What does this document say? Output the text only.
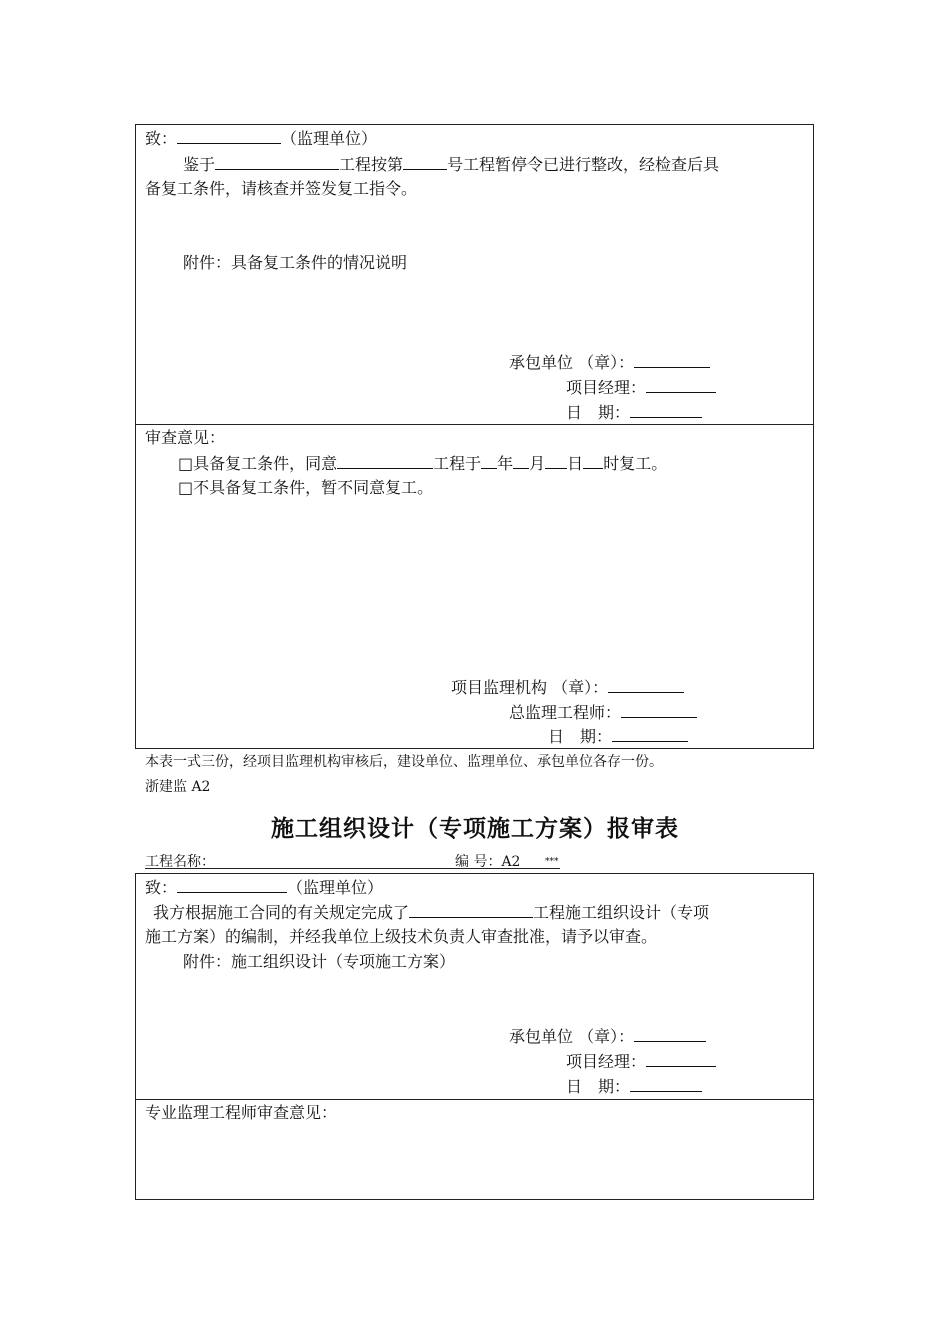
致：	（监理单位）
鉴于	工程按第	号工程暂停令已进行整改，经检查后具
备复工条件，请核查并签发复工指令。
附件：具备复工条件的情况说明
承包单位 （章）：
项目经理：
日　期：
审查意见：
□具备复工条件，同意	工程于 年 月 日 时复工。
□不具备复工条件，暂不同意复工。
项目监理机构 （章）：
总监理工程师：
日　期：
本表一式三份，经项目监理机构审核后，建设单位、监理单位、承包单位各存一份。
浙建监 A2
施工组织设计（专项施工方案）报审表
工程名称：	编 号：A2	***
致：	（监理单位）
我方根据施工合同的有关规定完成了	工程施工组织设计（专项
施工方案）的编制，并经我单位上级技术负责人审查批准，请予以审查。
附件：施工组织设计（专项施工方案）
承包单位 （章）：
项目经理：
日　期：
专业监理工程师审查意见：
